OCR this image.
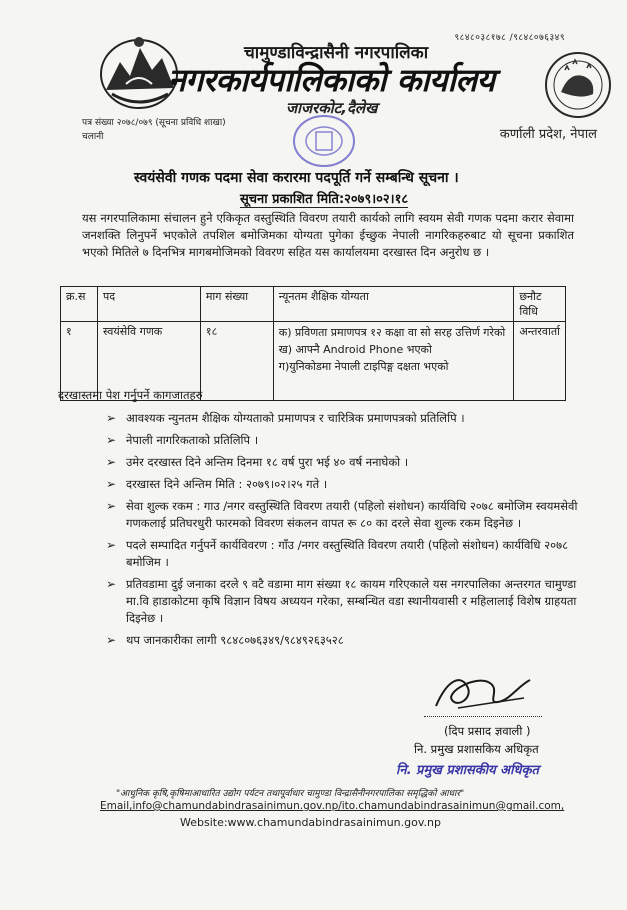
९८४८०३८१७८ /९८४८०७६३४९
चामुण्डाविन्द्रासैनी नगरपालिका
नगरकार्यपालिकाको कार्यालय
जाजरकोट,दैलेख
पत्र संख्या २०७८/०७९ (सूचना प्रविधि शाखा)
चलानी	कर्णाली प्रदेश, नेपाल
स्वयंसेवी गणक पदमा सेवा करारमा पदपूर्ति गर्ने सम्बन्धि सूचना ।
सूचना प्रकाशित मिति:२०७९।०२।१८
यस नगरपालिकामा संचालन हुने एकिकृत वस्तुस्थिति विवरण तयारी कार्यको लागि स्वयम सेवी गणक पदमा करार सेवामा जनशक्ति लिनुपर्ने भएकोले तपशिल बमोजिमका योग्यता पुगेका ईच्छुक नेपाली नागरिकहरुबाट यो सूचना प्रकाशित भएको मितिले ७ दिनभित्र मागबमोजिमको विवरण सहित यस कार्यालयमा दरखास्त दिन अनुरोध छ ।
क्र.स	पद	माग संख्या	न्यूनतम शैक्षिक योग्यता	छनौट विधि
१	स्वयंसेवि गणक	१८	क) प्रविणता प्रमाणपत्र १२ कक्षा वा सो सरह उत्तिर्ण गरेको
ख) आफ्नै Android Phone भएको
ग)युनिकोडमा नेपाली टाइपिङ्ग दक्षता भएको	अन्तरवार्ता
दरखास्तमा पेश गर्नुपर्ने कागजातहरु
➢ आवश्यक न्युनतम शैक्षिक योग्यताको प्रमाणपत्र र चारित्रिक प्रमाणपत्रको प्रतिलिपि ।
➢ नेपाली नागरिकताको प्रतिलिपि ।
➢ उमेर दरखास्त दिने अन्तिम दिनमा १८ वर्ष पुरा भई ४० वर्ष ननाघेको ।
➢ दरखास्त दिने अन्तिम मिति : २०७९।०२।२५ गते ।
➢ सेवा शुल्क रकम : गाउ /नगर वस्तुस्थिति विवरण तयारी (पहिलो संशोधन) कार्यविधि २०७८ बमोजिम स्वयमसेवी गणकलाई प्रतिघरधुरी फारमको विवरण संकलन वापत रू ८० का दरले सेवा शुल्क रकम दिइनेछ ।
➢ पदले सम्पादित गर्नुपर्ने कार्यविवरण : गाँउ /नगर वस्तुस्थिति विवरण तयारी (पहिलो संशोधन) कार्यविधि २०७८ बमोजिम ।
➢ प्रतिवडामा दुई जनाका दरले ९ वटै वडामा माग संख्या १८ कायम गरिएकाले यस नगरपालिका अन्तरगत चामुण्डा मा.वि हाडाकोटमा कृषि विज्ञान विषय अध्ययन गरेका, सम्बन्धित वडा स्थानीयवासी र महिलालाई विशेष ग्राहयता दिइनेछ ।
➢ थप जानकारीका लागी ९८४८०७६३४९/९८४९२६३५२८
(दिप प्रसाद ज्ञवाली )
नि. प्रमुख प्रशासकिय अधिकृत
नि. प्रमुख प्रशासकीय अधिकृत
"आधुनिक कृषि,कृषिमाआधारित उद्योग पर्यटन तथापूर्वाधार चामुण्डा विन्द्रासैनीनगरपालिका समृद्धिको आधार"
Email,info@chamundabindrasainimun.gov.np/ito.chamundabindrasainimun@gmail.com,
Website:www.chamundabindrasainimun.gov.np
